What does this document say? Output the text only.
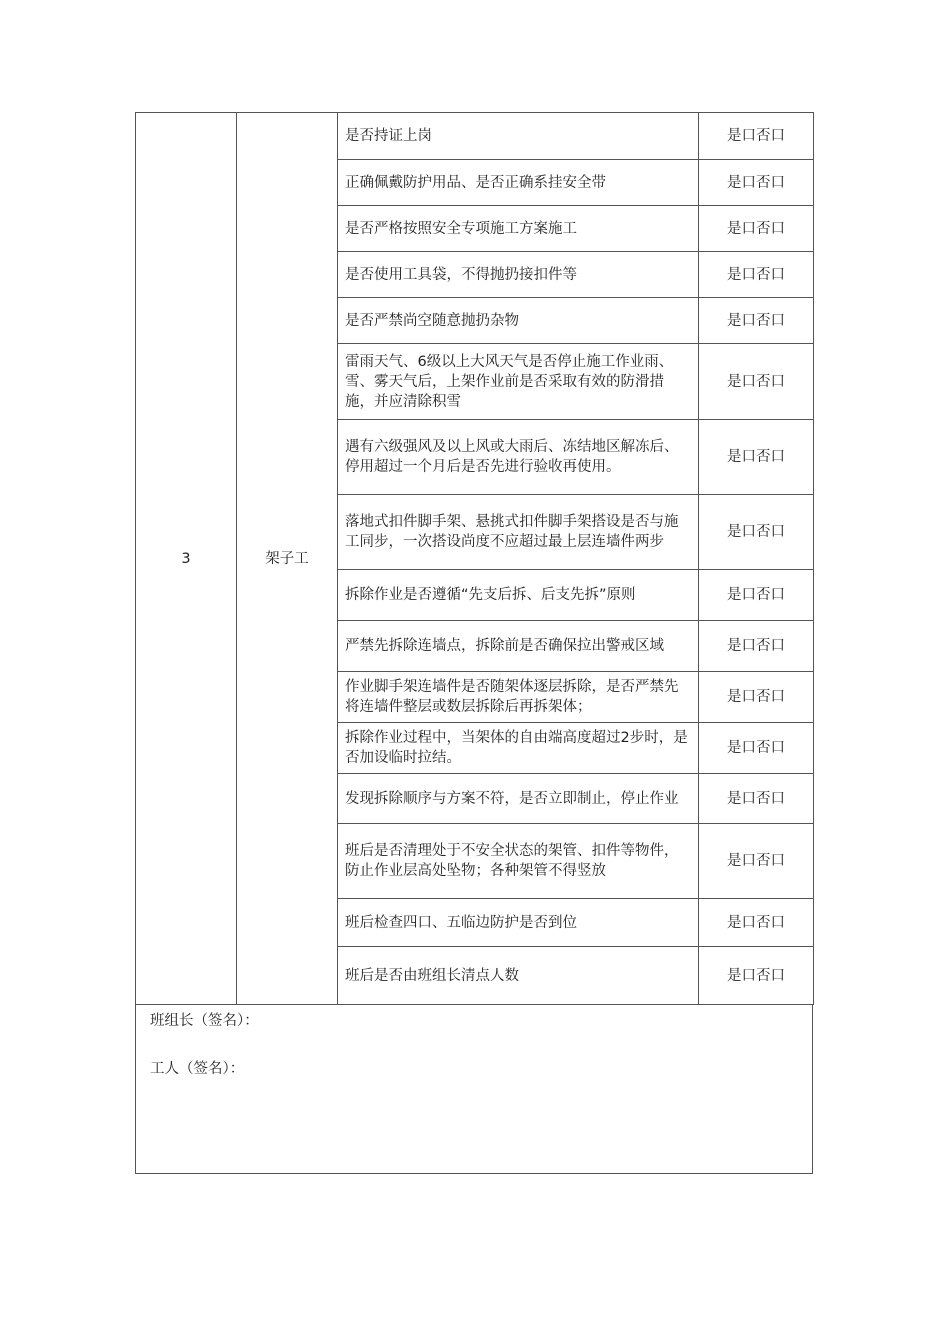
3	架子工	是否持证上岗	是口否口
		正确佩戴防护用品、是否正确系挂安全带	是口否口
		是否严格按照安全专项施工方案施工	是口否口
		是否使用工具袋，不得抛扔接扣件等	是口否口
		是否严禁尚空随意抛扔杂物	是口否口
		雷雨天气、6级以上大风天气是否停止施工作业雨、雪、雾天气后，上架作业前是否采取有效的防滑措施，并应清除积雪	是口否口
		遇有六级强风及以上风或大雨后、冻结地区解冻后、停用超过一个月后是否先进行验收再使用。	是口否口
		落地式扣件脚手架、悬挑式扣件脚手架搭设是否与施工同步，一次搭设尚度不应超过最上层连墙件两步	是口否口
		拆除作业是否遵循“先支后拆、后支先拆”原则	是口否口
		严禁先拆除连墙点，拆除前是否确保拉出警戒区域	是口否口
		作业脚手架连墙件是否随架体逐层拆除，是否严禁先将连墙件整层或数层拆除后再拆架体；	是口否口
		拆除作业过程中，当架体的自由端高度超过2步时，是否加设临时拉结。	是口否口
		发现拆除顺序与方案不符，是否立即制止，停止作业	是口否口
		班后是否清理处于不安全状态的架管、扣件等物件，防止作业层高处坠物；各种架管不得竖放	是口否口
		班后检查四口、五临边防护是否到位	是口否口
		班后是否由班组长清点人数	是口否口
班组长（签名）：
工人（签名）：
